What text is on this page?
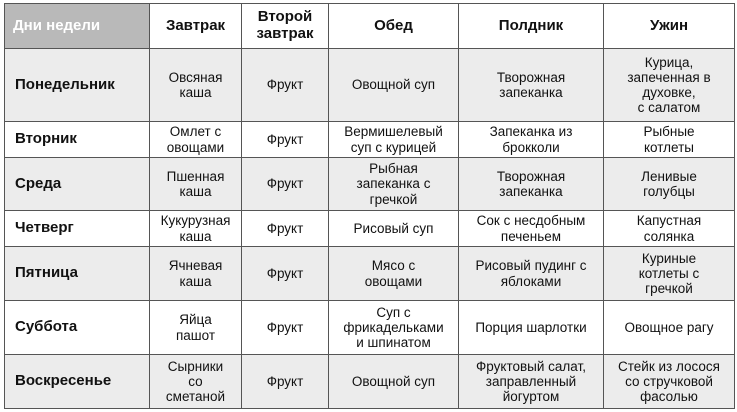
Дни недели	Завтрак	Второй
завтрак	Обед	Полдник	Ужин

Понедельник	Овсяная
каша	Фрукт	Овощной суп	Творожная
запеканка	Курица,
запеченная в
духовке,
с салатом

Вторник	Омлет с
овощами	Фрукт	Вермишелевый
суп с курицей	Запеканка из
брокколи	Рыбные
котлеты

Среда	Пшенная
каша	Фрукт	Рыбная
запеканка с
гречкой	Творожная
запеканка	Ленивые
голубцы

Четверг	Кукурузная
каша	Фрукт	Рисовый суп	Сок с несдобным
печеньем	Капустная
солянка

Пятница	Ячневая
каша	Фрукт	Мясо с
овощами	Рисовый пудинг с
яблоками	Куриные
котлеты с
гречкой

Суббота	Яйца
пашот	Фрукт	Суп с
фрикадельками
и шпинатом	Порция шарлотки	Овощное рагу

Воскресенье	Сырники
со
сметаной	Фрукт	Овощной суп	Фруктовый салат,
заправленный
йогуртом	Стейк из лосося
со стручковой
фасолью
